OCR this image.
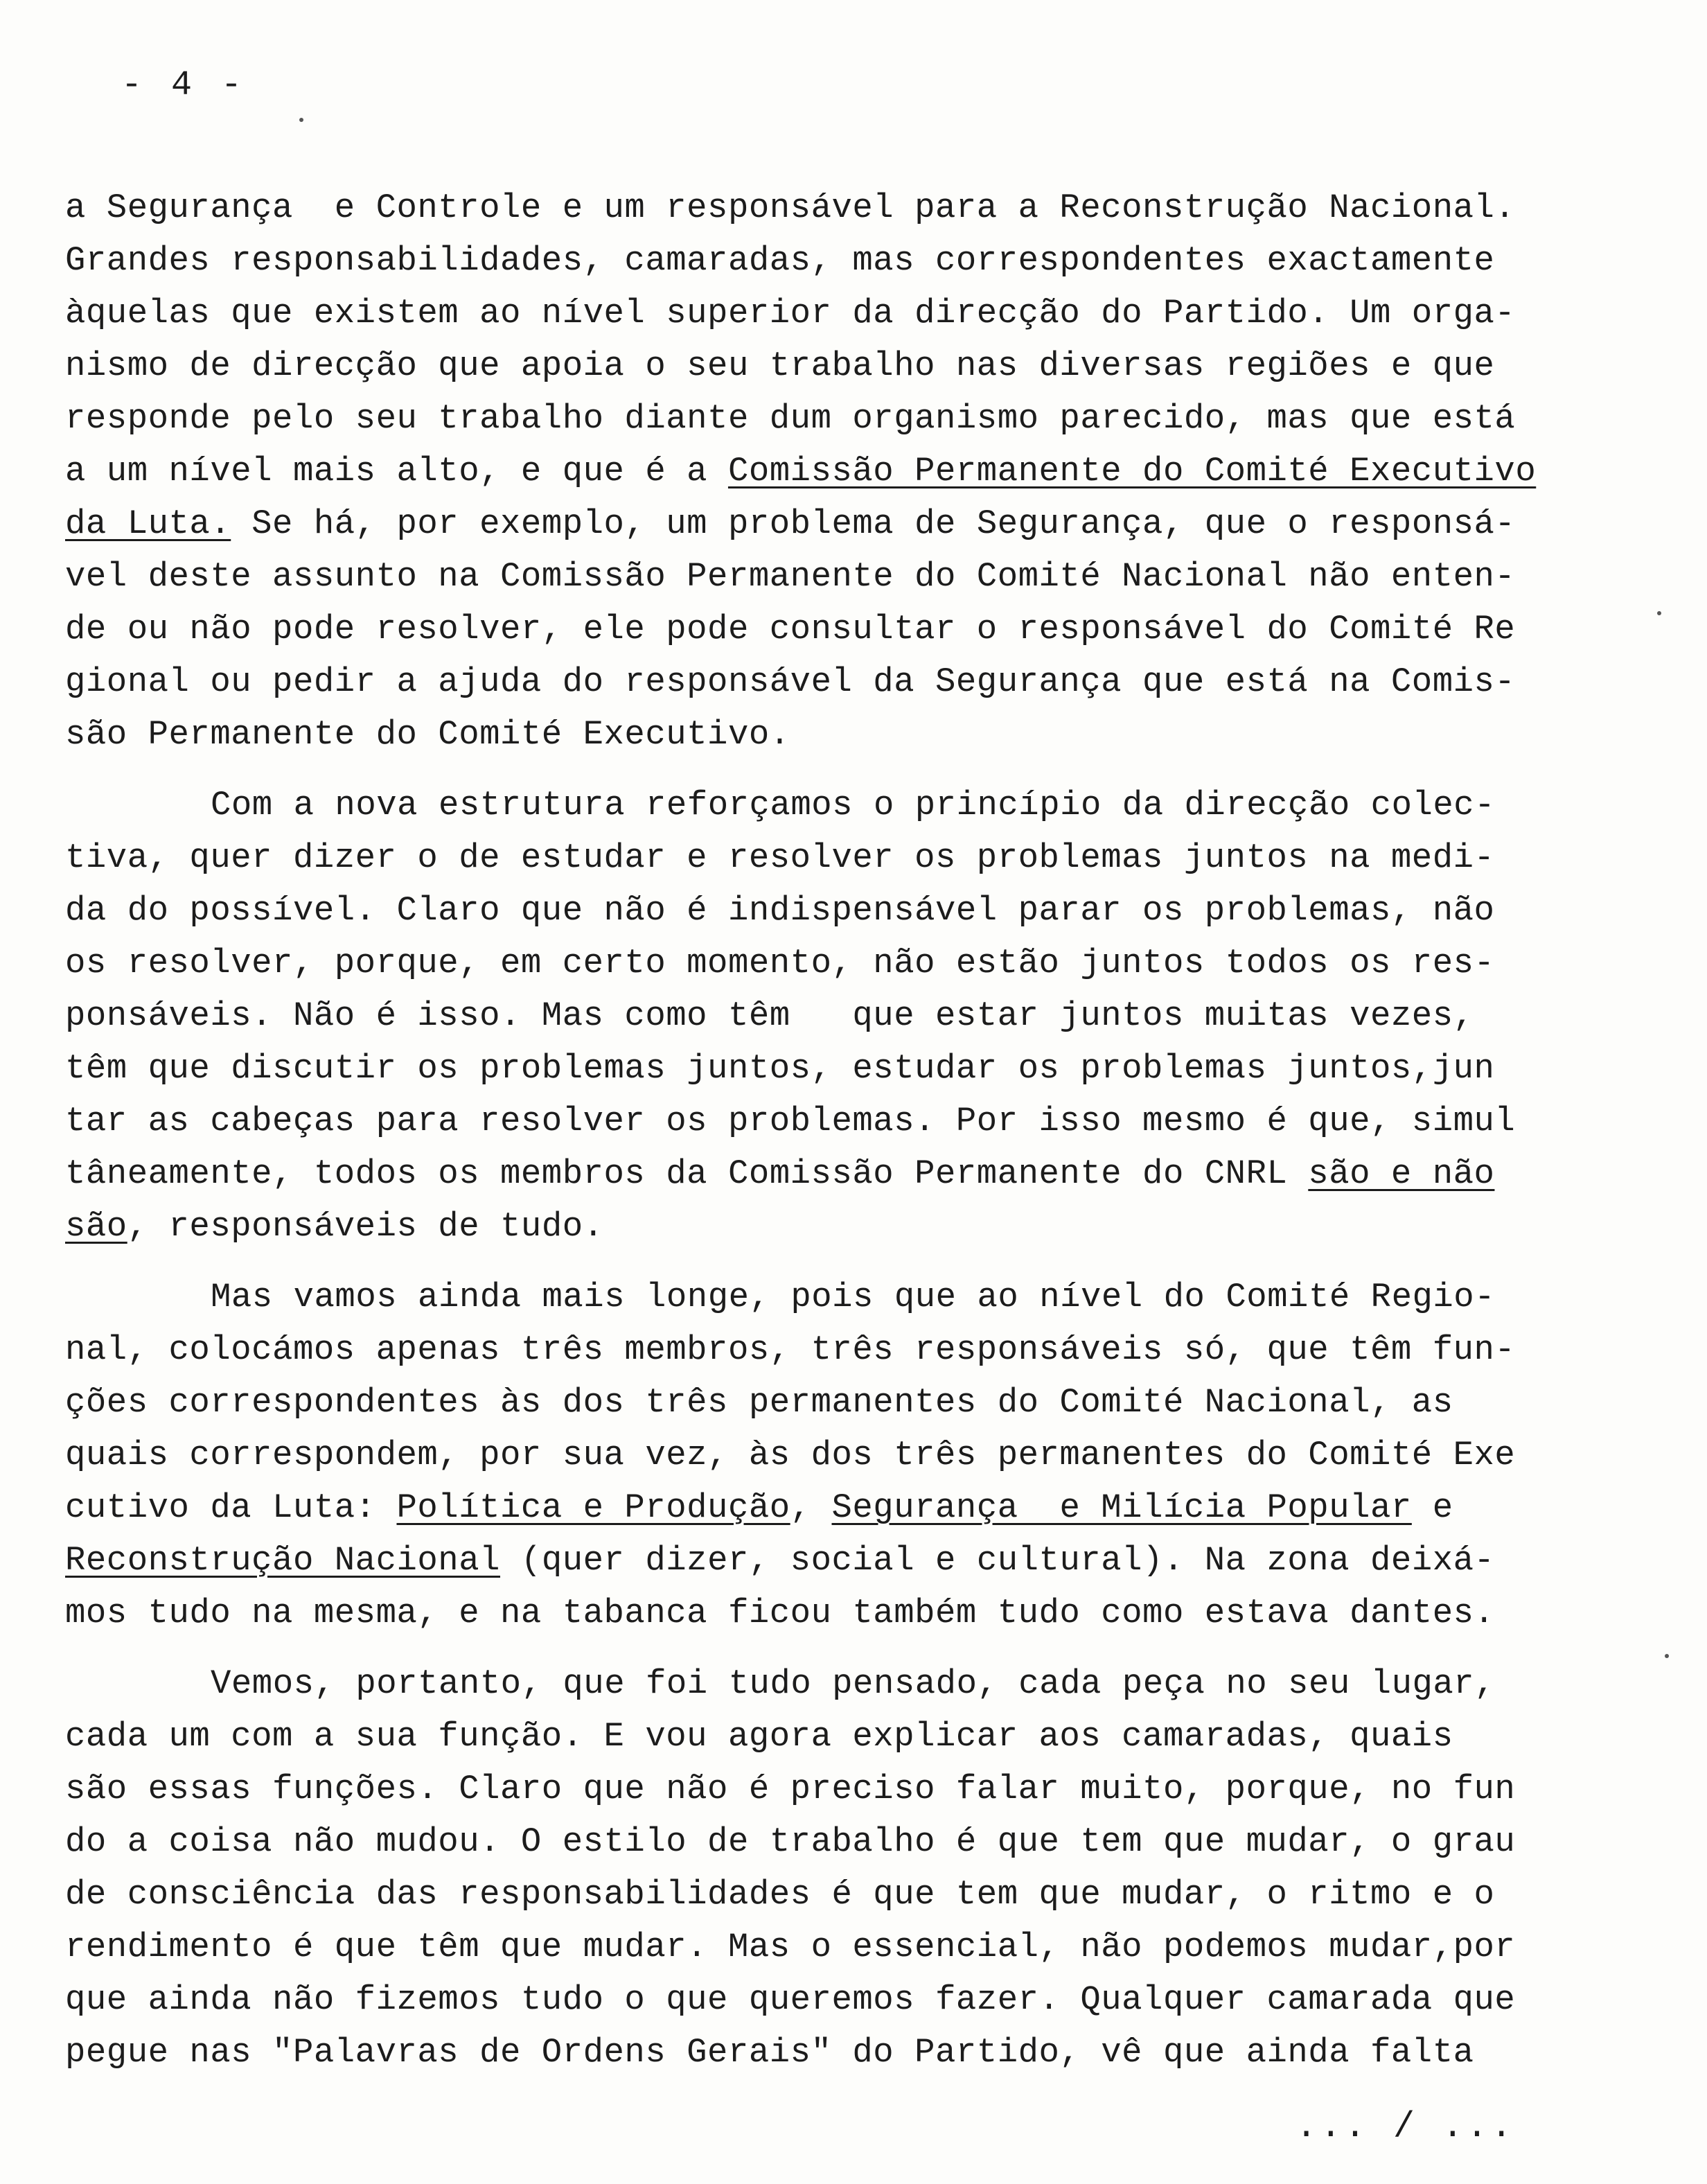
- 4 -
a Segurança  e Controle e um responsável para a Reconstrução Nacional.
Grandes responsabilidades, camaradas, mas correspondentes exactamente
àquelas que existem ao nível superior da direcção do Partido. Um orga-
nismo de direcção que apoia o seu trabalho nas diversas regiões e que
responde pelo seu trabalho diante dum organismo parecido, mas que está
a um nível mais alto, e que é a Comissão Permanente do Comité Executivo
da Luta. Se há, por exemplo, um problema de Segurança, que o responsá-
vel deste assunto na Comissão Permanente do Comité Nacional não enten-
de ou não pode resolver, ele pode consultar o responsável do Comité Re
gional ou pedir a ajuda do responsável da Segurança que está na Comis-
são Permanente do Comité Executivo.
Com a nova estrutura reforçamos o princípio da direcção colec-
tiva, quer dizer o de estudar e resolver os problemas juntos na medi-
da do possível. Claro que não é indispensável parar os problemas, não
os resolver, porque, em certo momento, não estão juntos todos os res-
ponsáveis. Não é isso. Mas como têm   que estar juntos muitas vezes,
têm que discutir os problemas juntos, estudar os problemas juntos,jun
tar as cabeças para resolver os problemas. Por isso mesmo é que, simul
tâneamente, todos os membros da Comissão Permanente do CNRL são e não
são, responsáveis de tudo.
Mas vamos ainda mais longe, pois que ao nível do Comité Regio-
nal, colocámos apenas três membros, três responsáveis só, que têm fun-
ções correspondentes às dos três permanentes do Comité Nacional, as
quais correspondem, por sua vez, às dos três permanentes do Comité Exe
cutivo da Luta: Política e Produção, Segurança  e Milícia Popular e
Reconstrução Nacional (quer dizer, social e cultural). Na zona deixá-
mos tudo na mesma, e na tabanca ficou também tudo como estava dantes.
Vemos, portanto, que foi tudo pensado, cada peça no seu lugar,
cada um com a sua função. E vou agora explicar aos camaradas, quais
são essas funções. Claro que não é preciso falar muito, porque, no fun
do a coisa não mudou. O estilo de trabalho é que tem que mudar, o grau
de consciência das responsabilidades é que tem que mudar, o ritmo e o
rendimento é que têm que mudar. Mas o essencial, não podemos mudar,por
que ainda não fizemos tudo o que queremos fazer. Qualquer camarada que
pegue nas "Palavras de Ordens Gerais" do Partido, vê que ainda falta
... / ...
